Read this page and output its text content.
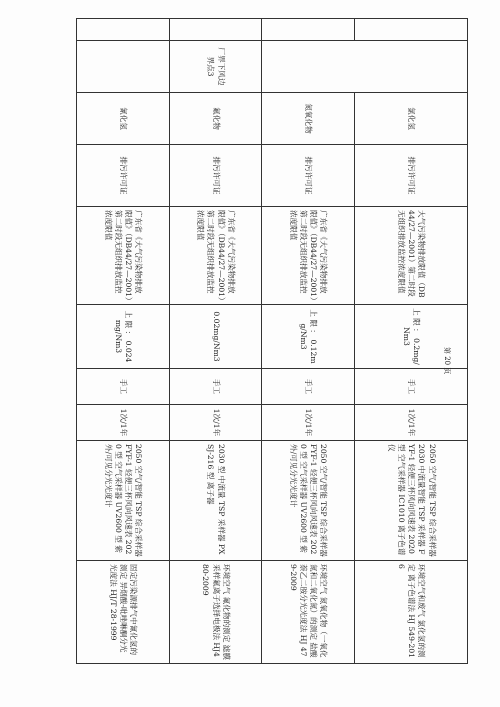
		氯化氢	排污许可证	大气污染物排放限值（DB44/27—2001）第二时段无组织排放监控浓度限值	上 限 ： 0.2mg/Nm3	手工	1次/1年	2050 空气/智能 TSP 综合采样器 2030 中流量智能 TSP 采样器 FYF-1 轻便三杯风向风速表 2020 型 空气采样器 IC1010 离子色谱仪	环境空气和废气 氯化氢的测定 离子色谱法 HJ 549-2016
		氮氧化物	排污许可证	广东省《大气污染物排放限值》（DB44/27—2001）第二时段无组织排放监控浓度限值	上 限 ： 0.12mg/Nm3	手工	1次/1年	2050 空气/智能 TSP 综合采样器 FYF-1 轻便三杯风向风速表 2020 型 空气采样器 UV2600 型 紫外/可见分光光度计	环境空气 氮氧化物（一氧化氮和二氧化氮）的测定 盐酸萘乙二胺分光光度法 HJ 479-2009
	厂界下风边界点3	氟化物	排污许可证	广东省《大气污染物排放限值》（DB44/27—2001）第二时段无组织排放监控浓度限值	0.02mg/Nm3	手工	1次/1年	2030 型 中流量 TSP 采样器 PXSJ-216 型 离子器	环境空气 氟化物的测定 滤膜采样氟离子选择电极法 HJ480-2009
		氰化氢	排污许可证	广东省《大气污染物排放限值》（DB44/27—2001）第二时段无组织排放监控浓度限值	上 限 ： 0.024mg/Nm3	手工	1次/1年	2050 空气/智能 TSP 综合采样器 FYF-1 轻便三杯风向风速表 2020 型 空气采样器 UV2600 型 紫外/可见分光光度计	固定污染源排气中氰化氢的测定 异烟酸-吡唑啉酮分光光度法 HJ/T 28-1999
第 20 页
